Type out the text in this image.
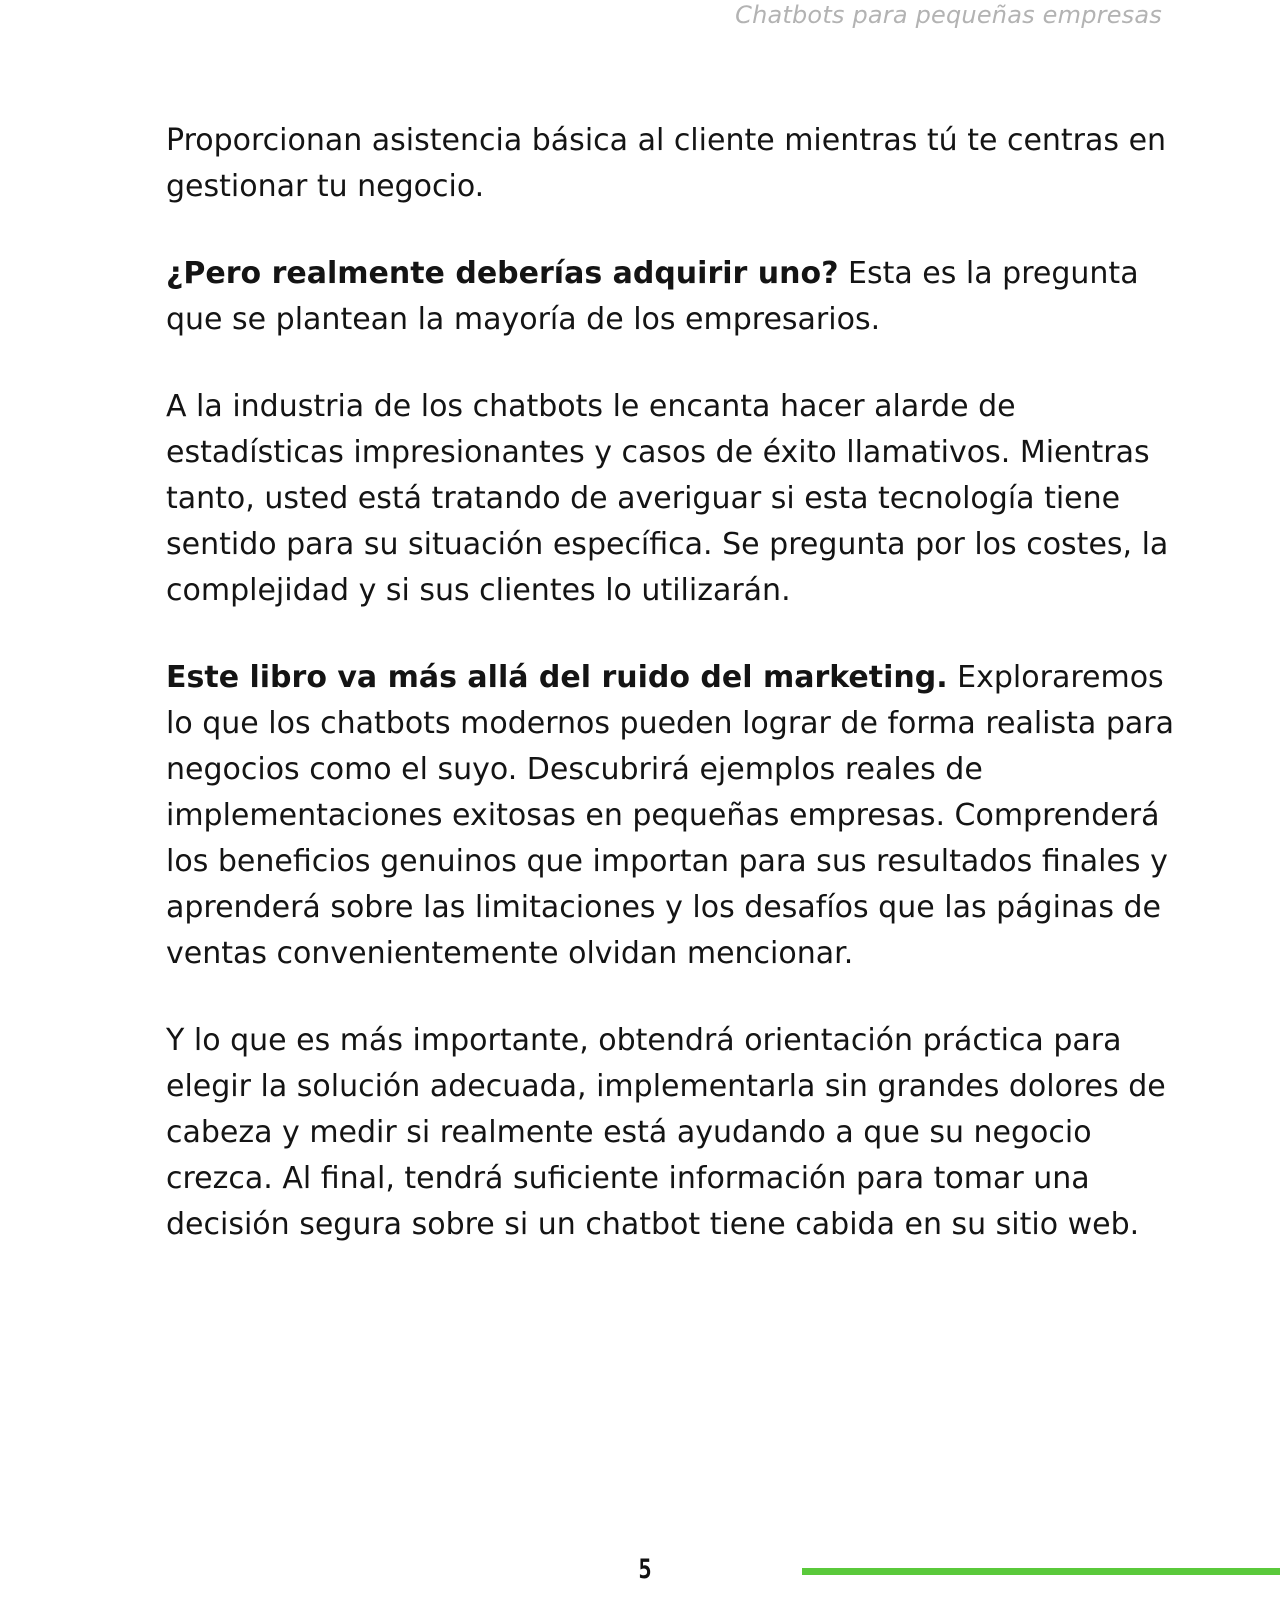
Chatbots para pequeñas empresas

Proporcionan asistencia básica al cliente mientras tú te centras en gestionar tu negocio.

¿Pero realmente deberías adquirir uno? Esta es la pregunta que se plantean la mayoría de los empresarios.

A la industria de los chatbots le encanta hacer alarde de estadísticas impresionantes y casos de éxito llamativos. Mientras tanto, usted está tratando de averiguar si esta tecnología tiene sentido para su situación específica. Se pregunta por los costes, la complejidad y si sus clientes lo utilizarán.

Este libro va más allá del ruido del marketing. Exploraremos lo que los chatbots modernos pueden lograr de forma realista para negocios como el suyo. Descubrirá ejemplos reales de implementaciones exitosas en pequeñas empresas. Comprenderá los beneficios genuinos que importan para sus resultados finales y aprenderá sobre las limitaciones y los desafíos que las páginas de ventas convenientemente olvidan mencionar.

Y lo que es más importante, obtendrá orientación práctica para elegir la solución adecuada, implementarla sin grandes dolores de cabeza y medir si realmente está ayudando a que su negocio crezca. Al final, tendrá suficiente información para tomar una decisión segura sobre si un chatbot tiene cabida en su sitio web.

5
